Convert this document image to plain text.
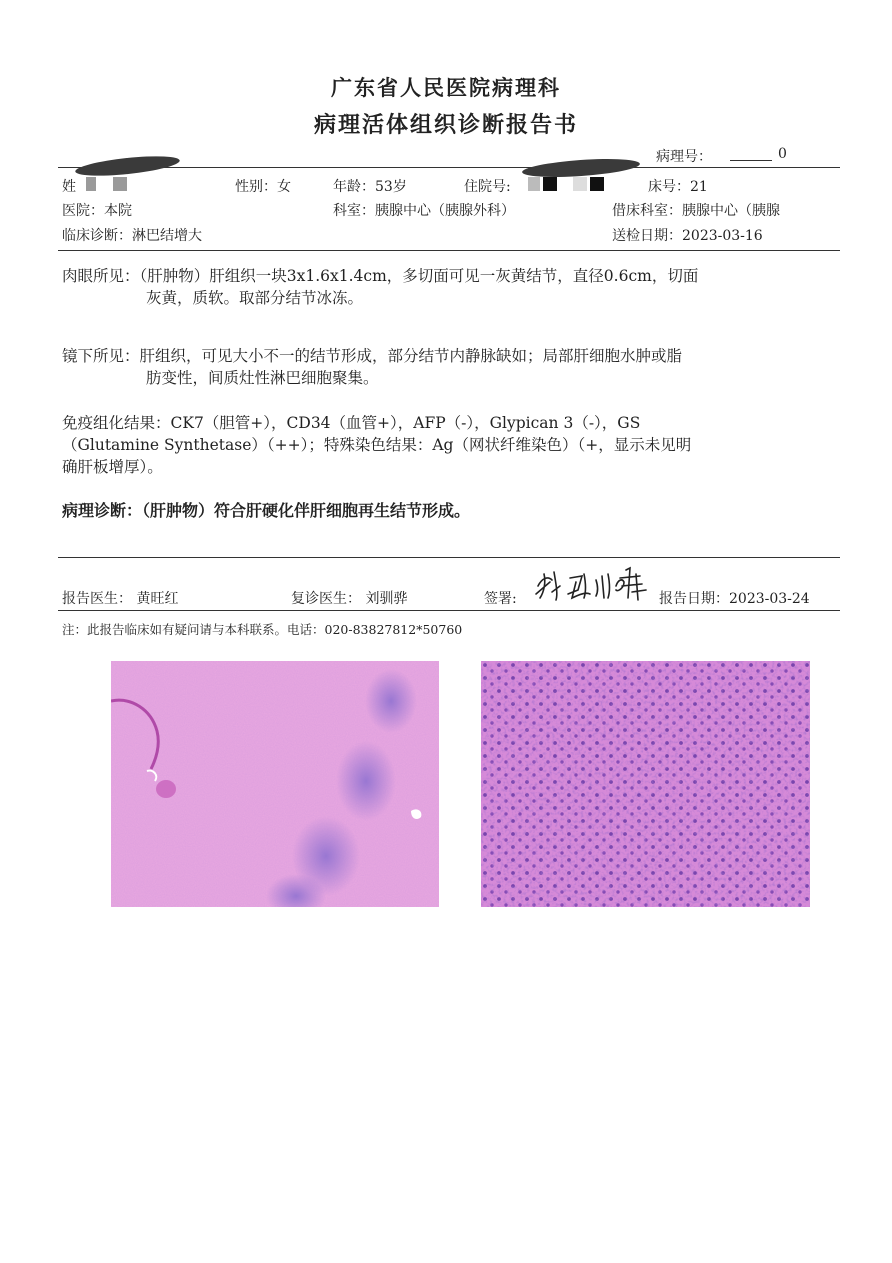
广东省人民医院病理科
病理活体组织诊断报告书
病理号：	0
姓	性别：女	年龄：53岁	住院号:	床号：21
医院：本院	科室：胰腺中心（胰腺外科）	借床科室：胰腺中心（胰腺
临床诊断：淋巴结增大	送检日期：2023-03-16
肉眼所见：（肝肿物）肝组织一块3x1.6x1.4cm，多切面可见一灰黄结节，直径0.6cm，切面
灰黄，质软。取部分结节冰冻。
镜下所见：肝组织，可见大小不一的结节形成，部分结节内静脉缺如；局部肝细胞水肿或脂
肪变性，间质灶性淋巴细胞聚集。
免疫组化结果：CK7（胆管+），CD34（血管+），AFP（-），Glypican 3（-），GS
（Glutamine Synthetase）（++）；特殊染色结果：Ag（网状纤维染色）（+，显示未见明
确肝板增厚）。
病理诊断：（肝肿物）符合肝硬化伴肝细胞再生结节形成。
报告医生： 黄旺红	复诊医生： 刘驯骅	签署:	报告日期：2023-03-24
注：此报告临床如有疑问请与本科联系。电话：020-83827812*50760
